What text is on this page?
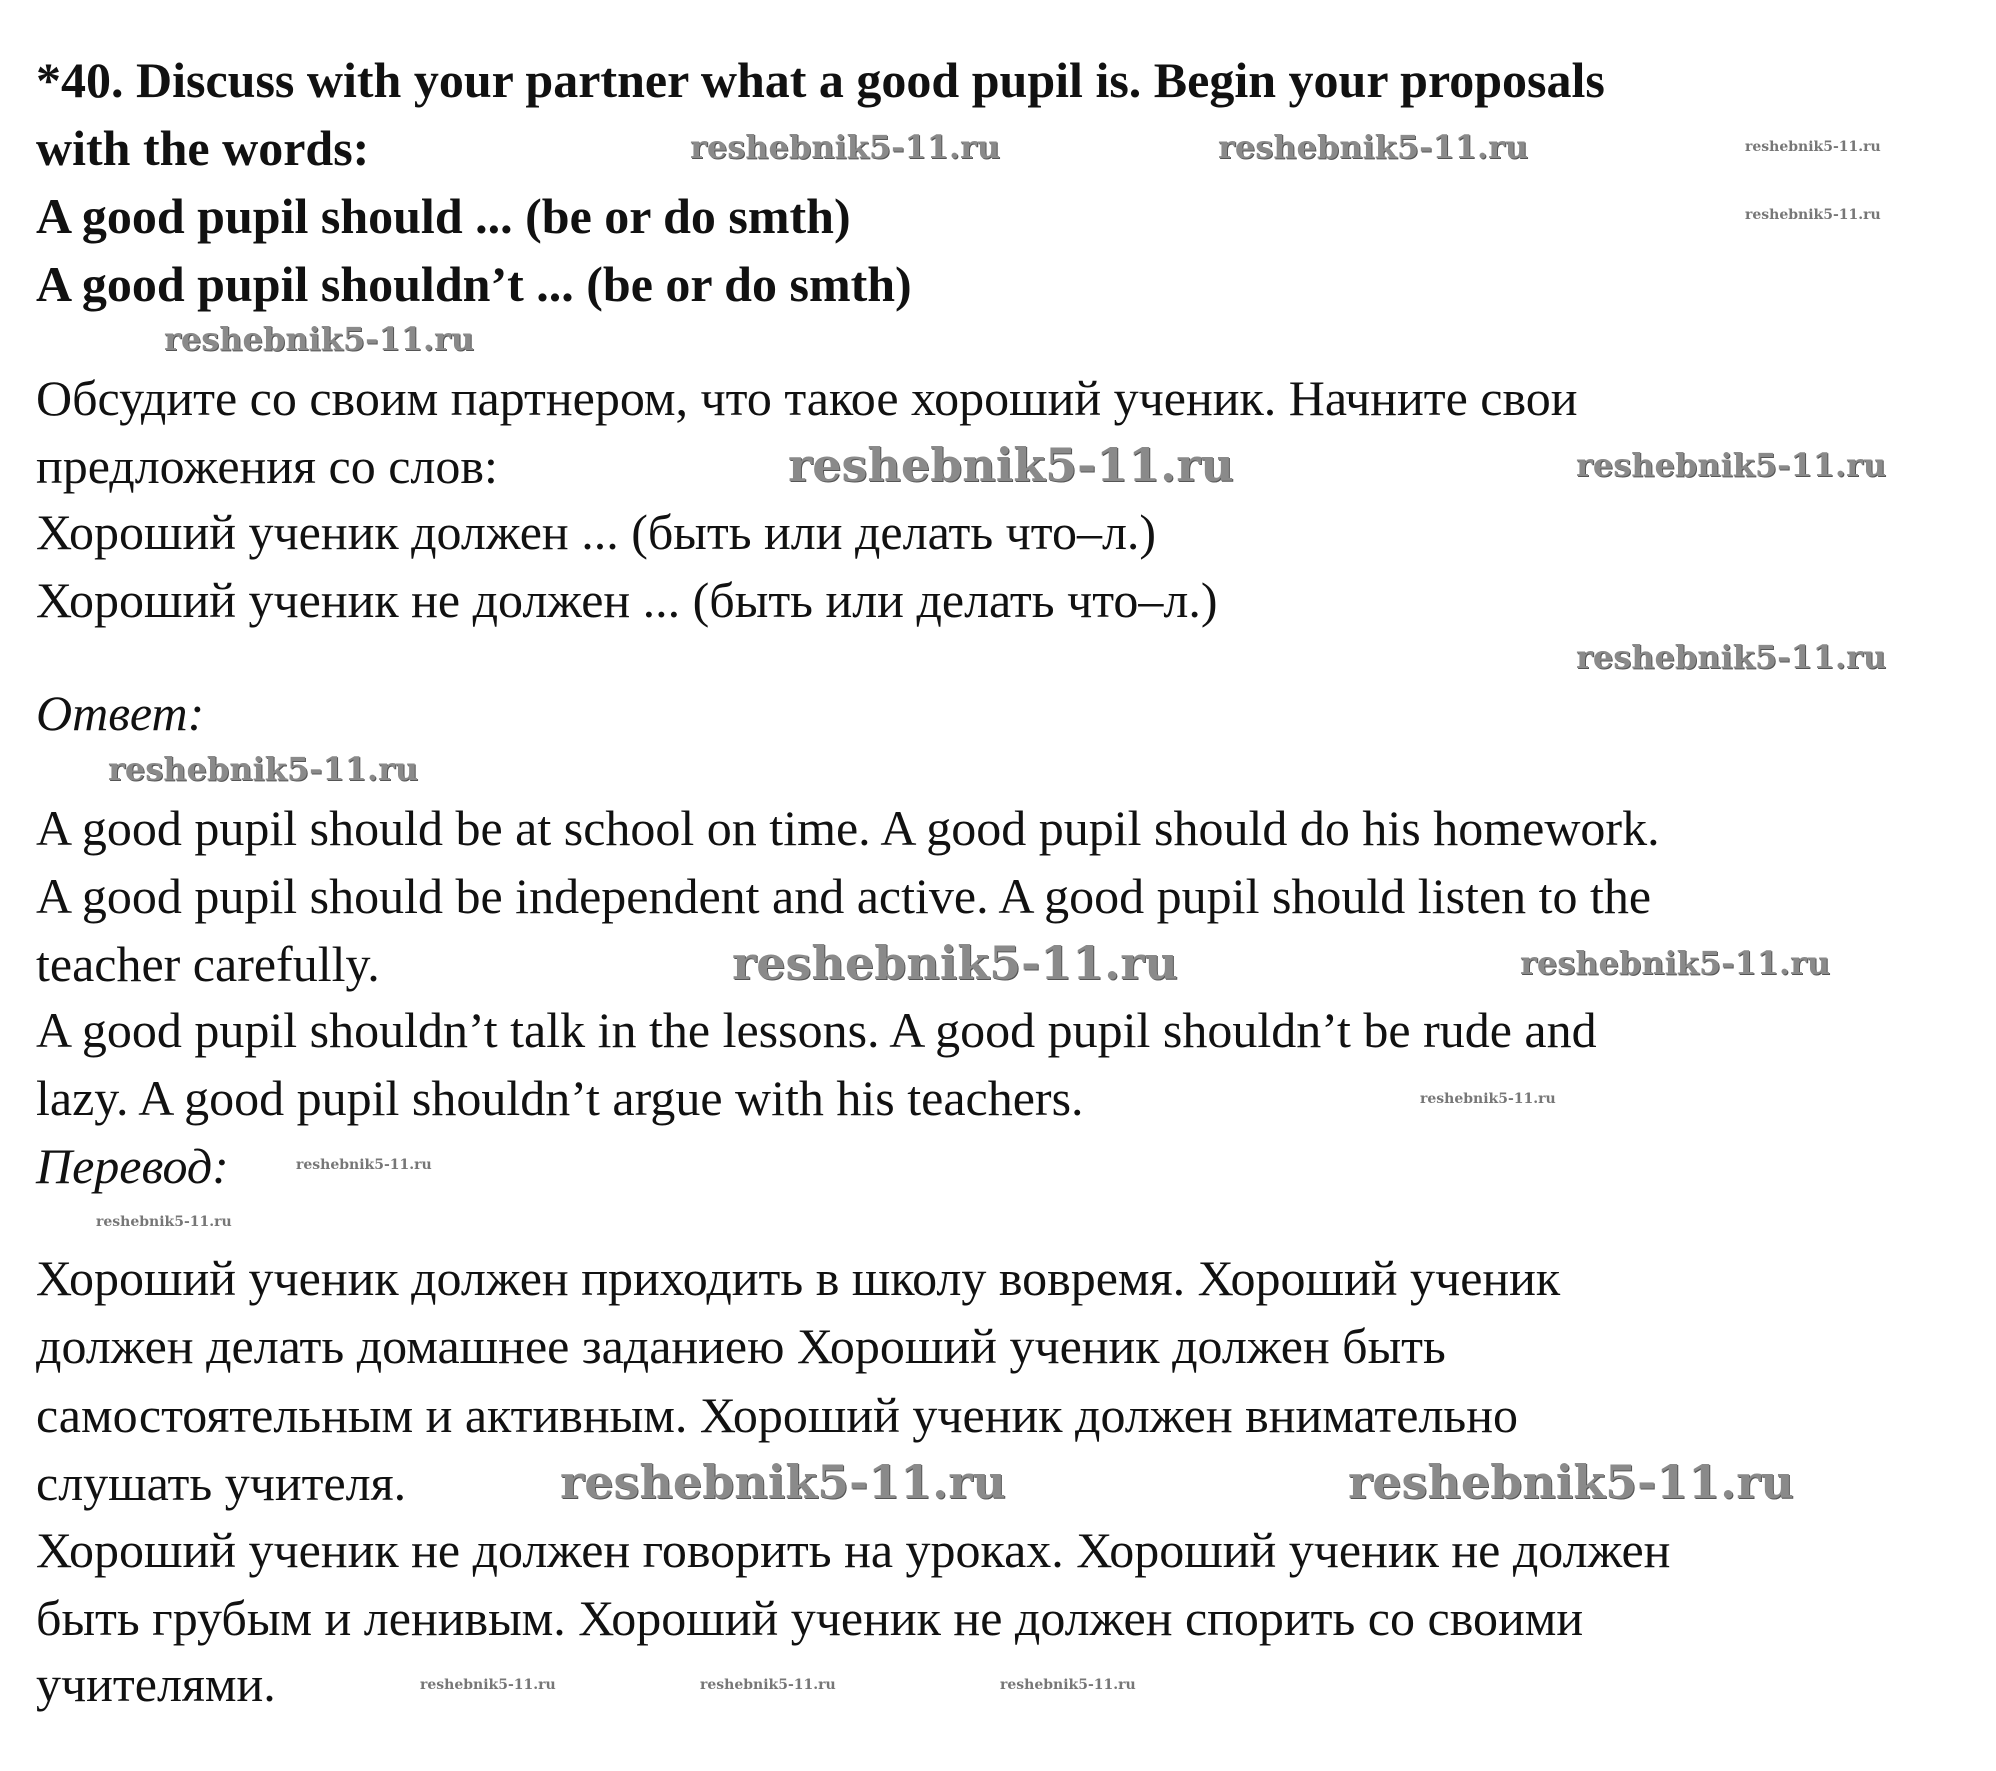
*40. Discuss with your partner what a good pupil is. Begin your proposals
with the words:
A good pupil should ... (be or do smth)
A good pupil shouldn’t ... (be or do smth)
Обсудите со своим партнером, что такое хороший ученик. Начните свои
предложения со слов:
Хороший ученик должен ... (быть или делать что–л.)
Хороший ученик не должен ... (быть или делать что–л.)
Ответ:
A good pupil should be at school on time. A good pupil should do his homework.
A good pupil should be independent and active. A good pupil should listen to the
teacher carefully.
A good pupil shouldn’t talk in the lessons. A good pupil shouldn’t be rude and
lazy. A good pupil shouldn’t argue with his teachers.
Перевод:
Хороший ученик должен приходить в школу вовремя. Хороший ученик
должен делать домашнее заданиею Хороший ученик должен быть
самостоятельным и активным. Хороший ученик должен внимательно
слушать учителя.
Хороший ученик не должен говорить на уроках. Хороший ученик не должен
быть грубым и ленивым. Хороший ученик не должен спорить со своими
учителями.
reshebnik5-11.ru
reshebnik5-11.ru	reshebnik5-11.ru
reshebnik5-11.ru
reshebnik5-11.ru
reshebnik5-11.ru	reshebnik5-11.ru
reshebnik5-11.ru
reshebnik5-11.ru
reshebnik5-11.ru	reshebnik5-11.ru
reshebnik5-11.ru
reshebnik5-11.ru
reshebnik5-11.ru
reshebnik5-11.ru	reshebnik5-11.ru
reshebnik5-11.ru	reshebnik5-11.ru
reshebnik5-11.ru
